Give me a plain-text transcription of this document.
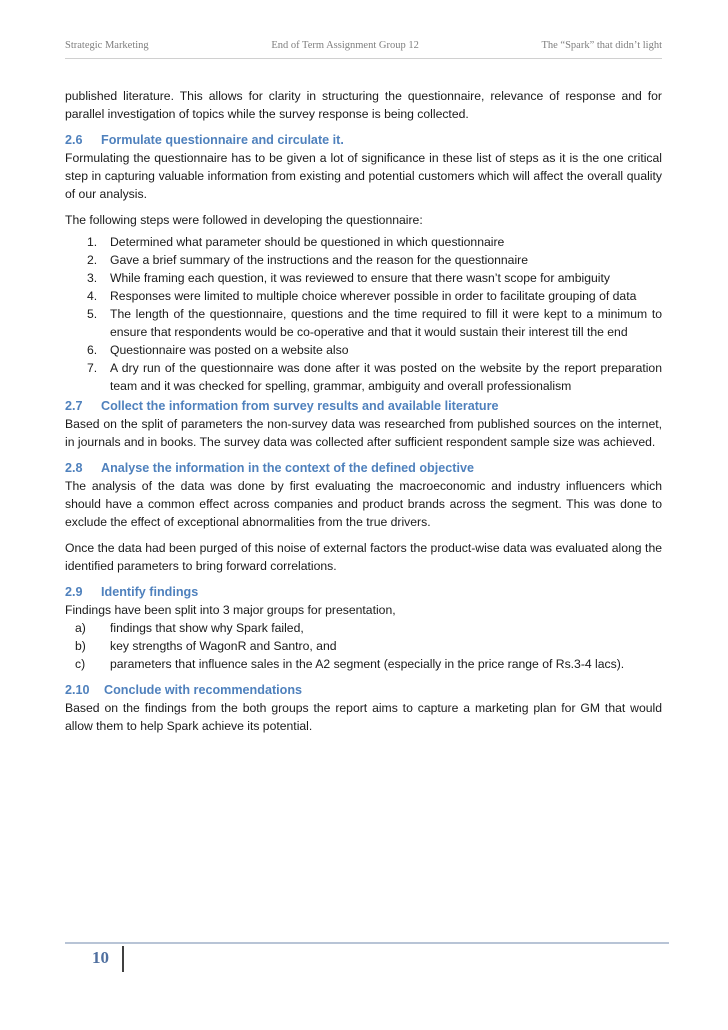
Strategic Marketing	End of Term Assignment Group 12	The “Spark” that didn’t light

published literature. This allows for clarity in structuring the questionnaire, relevance of response and for parallel investigation of topics while the survey response is being collected.

2.6 Formulate questionnaire and circulate it.

Formulating the questionnaire has to be given a lot of significance in these list of steps as it is the one critical step in capturing valuable information from existing and potential customers which will affect the overall quality of our analysis.

The following steps were followed in developing the questionnaire:

1. Determined what parameter should be questioned in which questionnaire
2. Gave a brief summary of the instructions and the reason for the questionnaire
3. While framing each question, it was reviewed to ensure that there wasn’t scope for ambiguity
4. Responses were limited to multiple choice wherever possible in order to facilitate grouping of data
5. The length of the questionnaire, questions and the time required to fill it were kept to a minimum to ensure that respondents would be co-operative and that it would sustain their interest till the end
6. Questionnaire was posted on a website also
7. A dry run of the questionnaire was done after it was posted on the website by the report preparation team and it was checked for spelling, grammar, ambiguity and overall professionalism
2.7 Collect the information from survey results and available literature

Based on the split of parameters the non-survey data was researched from published sources on the internet, in journals and in books. The survey data was collected after sufficient respondent sample size was achieved.

2.8 Analyse the information in the context of the defined objective

The analysis of the data was done by first evaluating the macroeconomic and industry influencers which should have a common effect across companies and product brands across the segment. This was done to exclude the effect of exceptional abnormalities from the true drivers.

Once the data had been purged of this noise of external factors the product-wise data was evaluated along the identified parameters to bring forward correlations.

2.9 Identify findings

Findings have been split into 3 major groups for presentation,

a) findings that show why Spark failed,
b) key strengths of WagonR and Santro, and
c) parameters that influence sales in the A2 segment (especially in the price range of Rs.3-4 lacs).
2.10 Conclude with recommendations

Based on the findings from the both groups the report aims to capture a marketing plan for GM that would allow them to help Spark achieve its potential.

10
